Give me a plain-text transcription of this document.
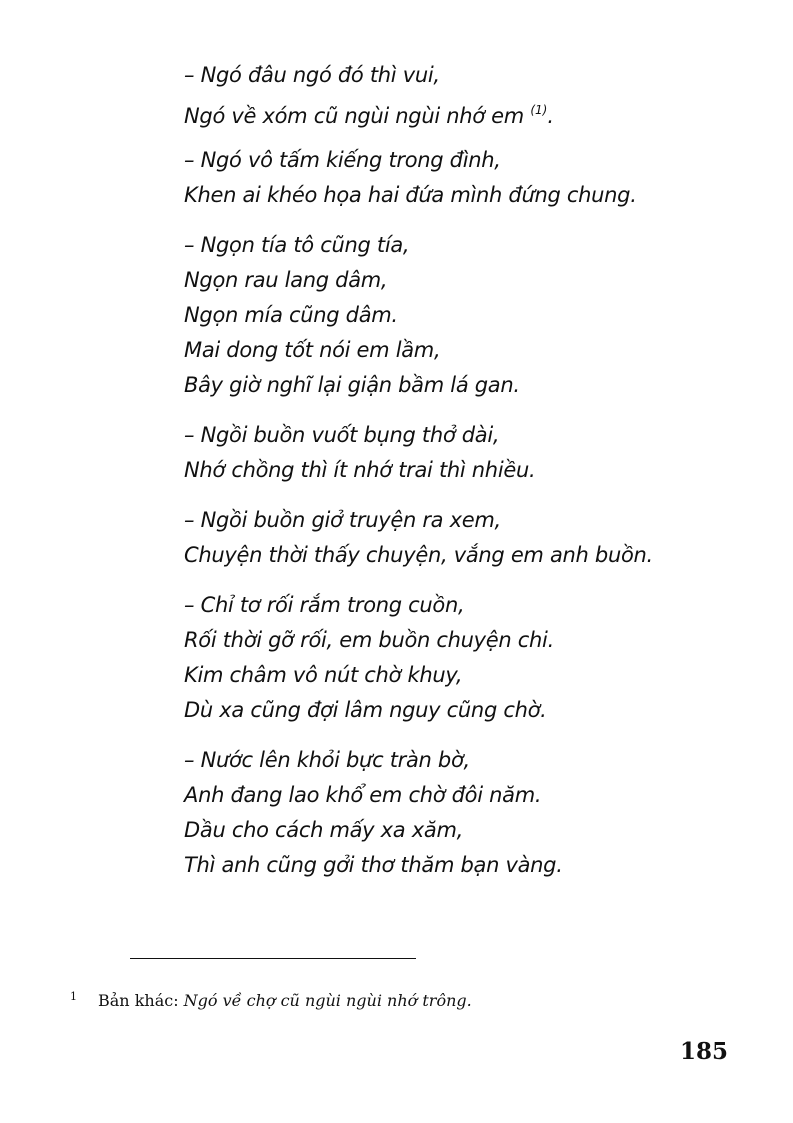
– Ngó đâu ngó đó thì vui,
Ngó về xóm cũ ngùi ngùi nhớ em $^{(1)}$.
– Ngó vô tấm kiếng trong đình,
Khen ai khéo họa hai đứa mình đứng chung.
– Ngọn tía tô cũng tía,
Ngọn rau lang dâm,
Ngọn mía cũng dâm.
Mai dong tốt nói em lầm,
Bây giờ nghĩ lại giận bầm lá gan.
– Ngồi buồn vuốt bụng thở dài,
Nhớ chồng thì ít nhớ trai thì nhiều.
– Ngồi buồn giở truyện ra xem,
Chuyện thời thấy chuyện, vắng em anh buồn.
– Chỉ tơ rối rắm trong cuồn,
Rối thời gỡ rối, em buồn chuyện chi.
Kim châm vô nút chờ khuy,
Dù xa cũng đợi lâm nguy cũng chờ.
– Nước lên khỏi bực tràn bờ,
Anh đang lao khổ em chờ đôi năm.
Dầu cho cách mấy xa xăm,
Thì anh cũng gởi thơ thăm bạn vàng.
1 Bản khác: Ngó về chợ cũ ngùi ngùi nhớ trông.
185
